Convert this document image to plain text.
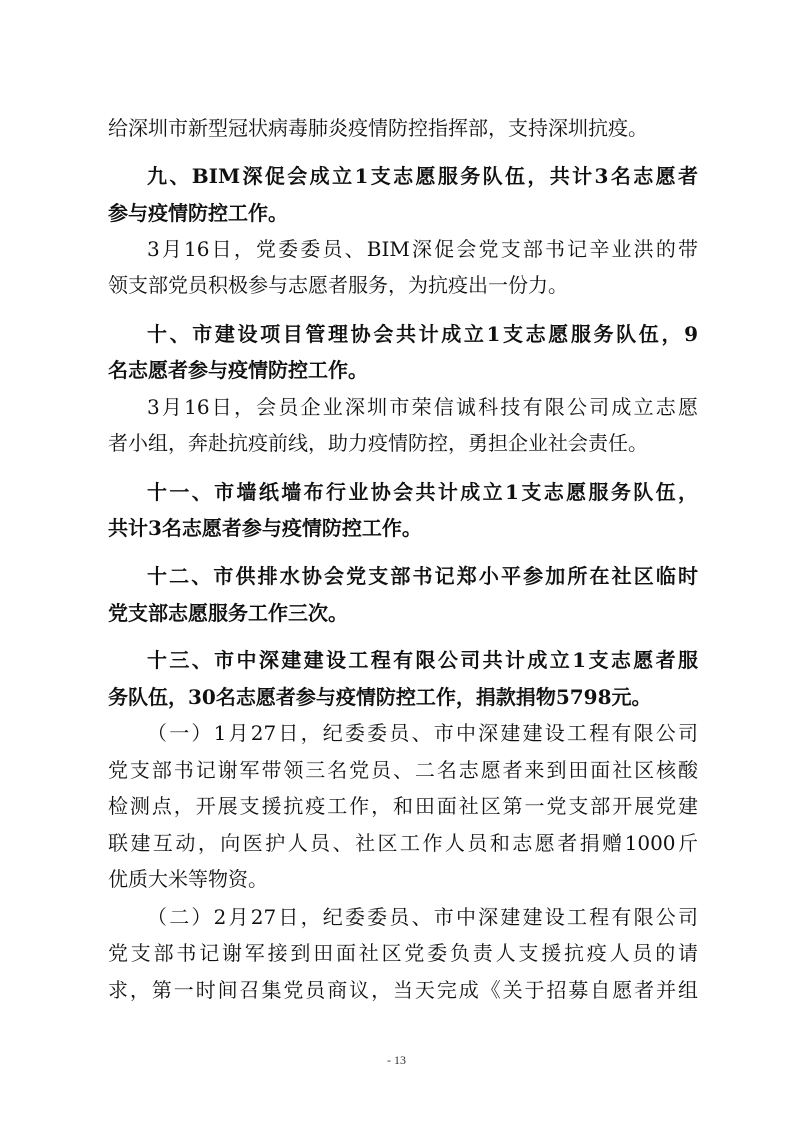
给深圳市新型冠状病毒肺炎疫情防控指挥部，支持深圳抗疫。
九、BIM深促会成立1支志愿服务队伍，共计3名志愿者
参与疫情防控工作。
3月16日，党委委员、BIM深促会党支部书记辛业洪的带
领支部党员积极参与志愿者服务，为抗疫出一份力。
十、市建设项目管理协会共计成立1支志愿服务队伍，9
名志愿者参与疫情防控工作。
3月16日，会员企业深圳市荣信诚科技有限公司成立志愿
者小组，奔赴抗疫前线，助力疫情防控，勇担企业社会责任。
十一、市墙纸墙布行业协会共计成立1支志愿服务队伍，
共计3名志愿者参与疫情防控工作。
十二、市供排水协会党支部书记郑小平参加所在社区临时
党支部志愿服务工作三次。
十三、市中深建建设工程有限公司共计成立1支志愿者服
务队伍，30名志愿者参与疫情防控工作，捐款捐物5798元。
（一）1月27日，纪委委员、市中深建建设工程有限公司
党支部书记谢军带领三名党员、二名志愿者来到田面社区核酸
检测点，开展支援抗疫工作，和田面社区第一党支部开展党建
联建互动，向医护人员、社区工作人员和志愿者捐赠1000斤
优质大米等物资。
（二）2月27日，纪委委员、市中深建建设工程有限公司
党支部书记谢军接到田面社区党委负责人支援抗疫人员的请
求，第一时间召集党员商议，当天完成《关于招募自愿者并组
- 13
